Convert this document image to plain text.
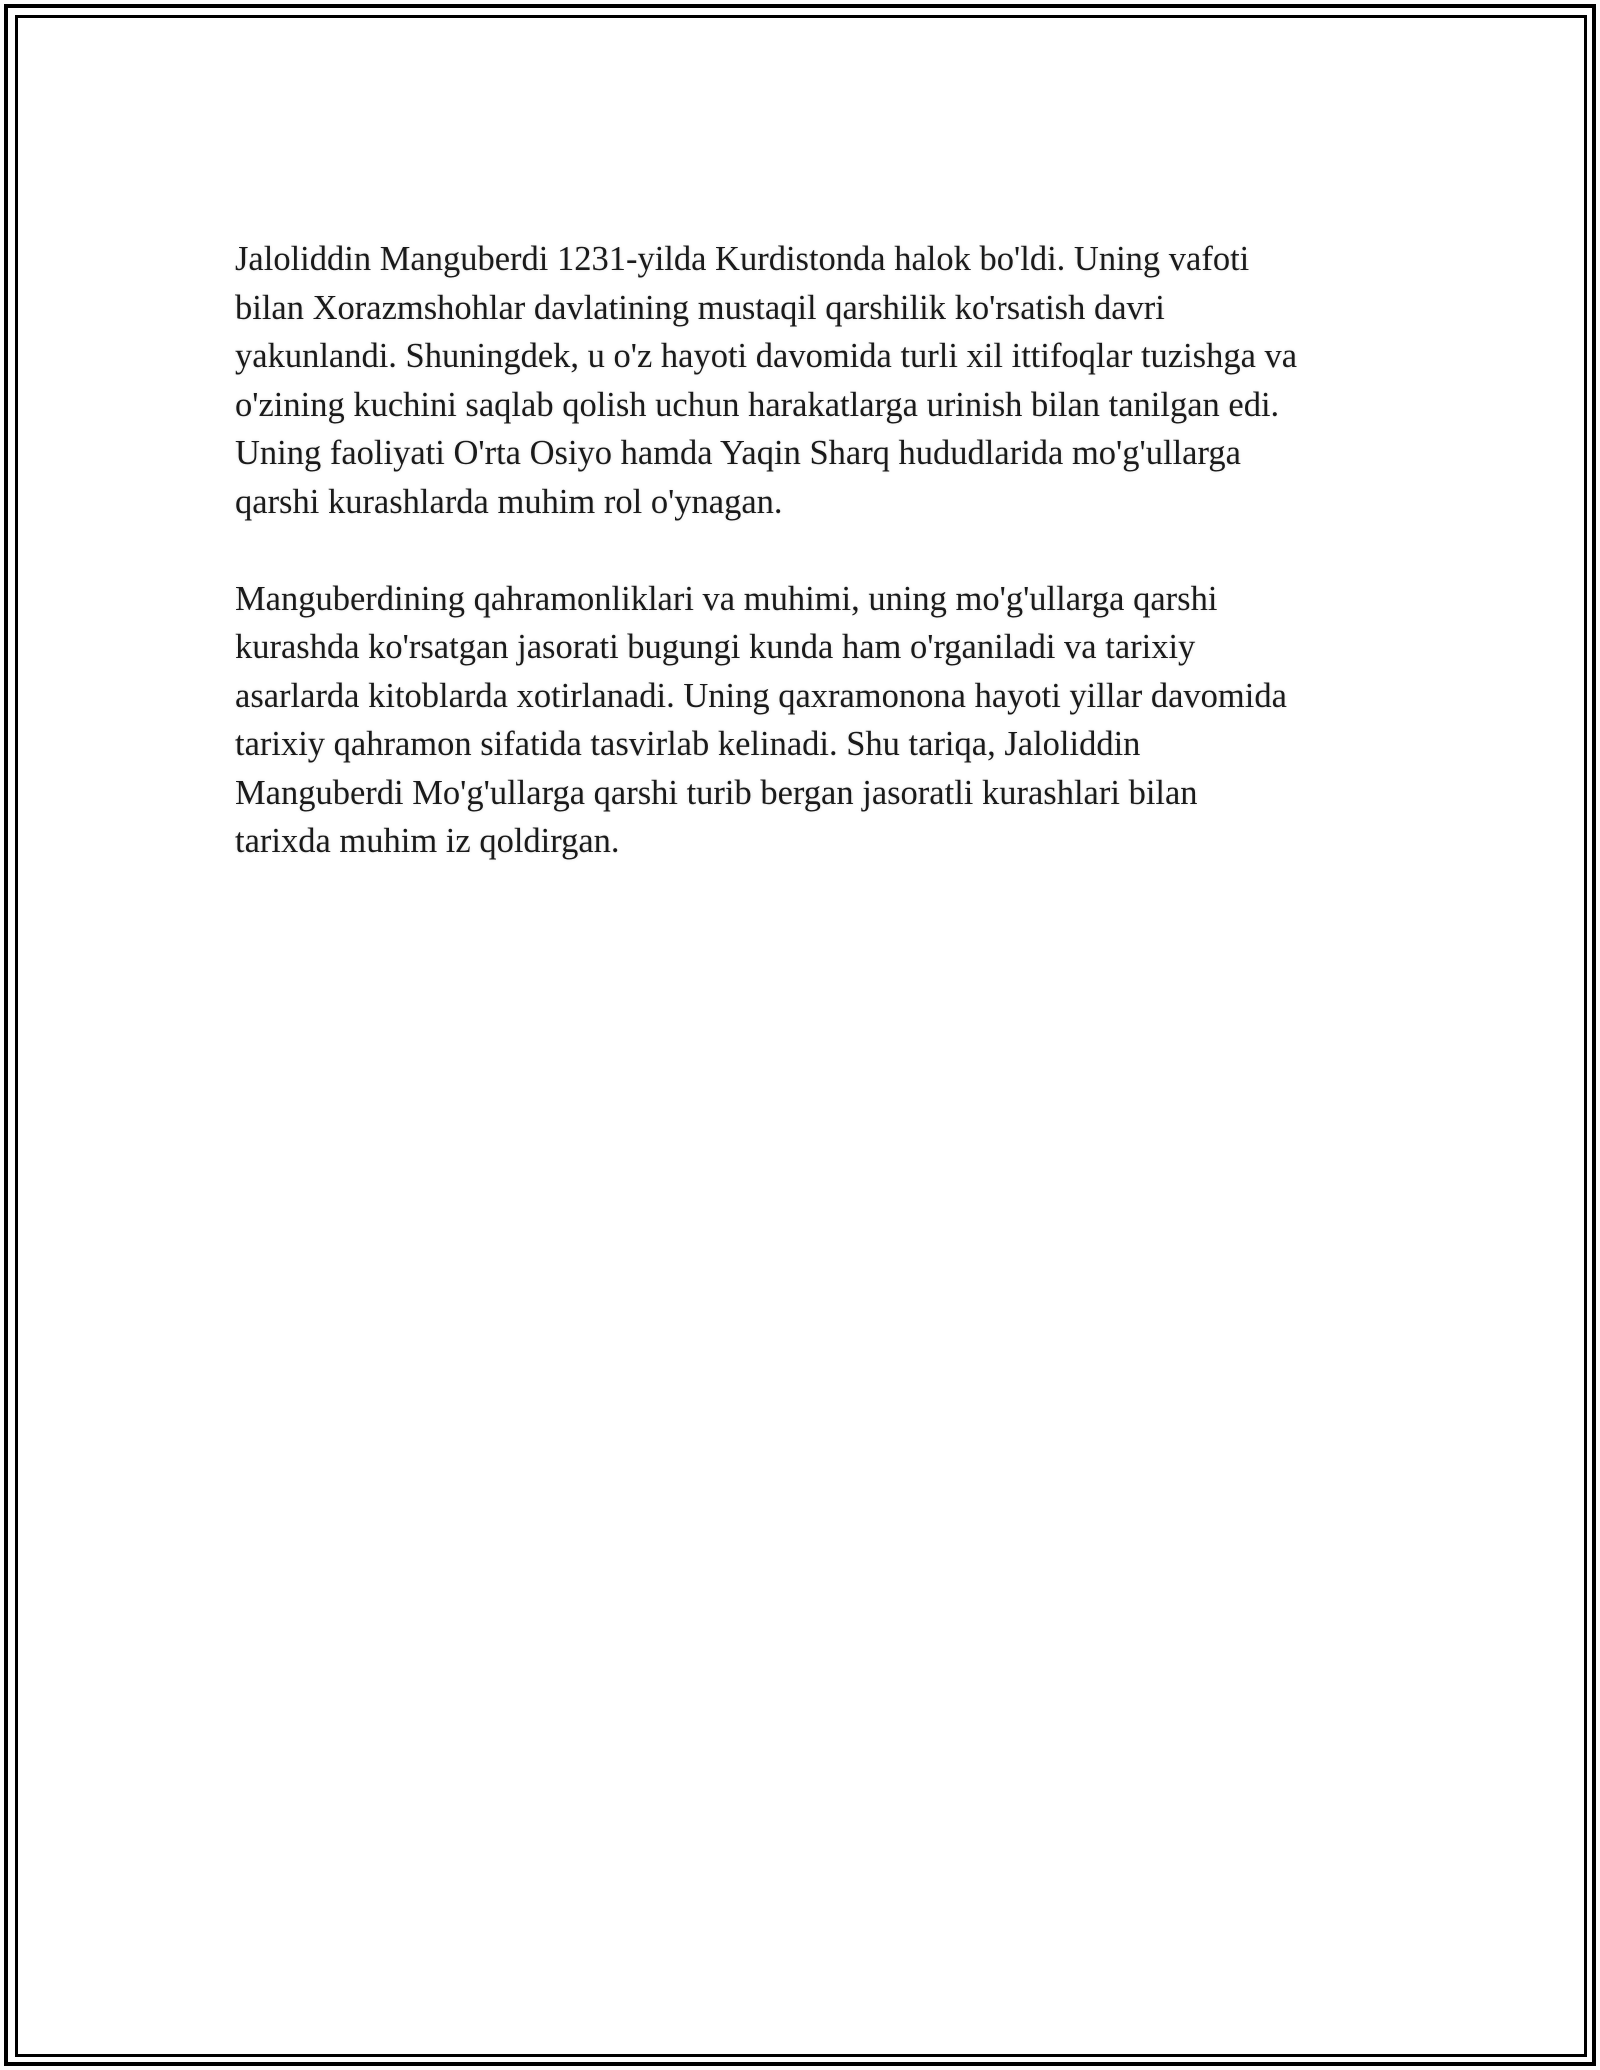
Jaloliddin Manguberdi 1231-yilda Kurdistonda halok bo'ldi. Uning vafoti
bilan Xorazmshohlar davlatining mustaqil qarshilik ko'rsatish davri
yakunlandi. Shuningdek, u o'z hayoti davomida turli xil ittifoqlar tuzishga va
o'zining kuchini saqlab qolish uchun harakatlarga urinish bilan tanilgan edi.
Uning faoliyati O'rta Osiyo hamda Yaqin Sharq hududlarida mo'g'ullarga
qarshi kurashlarda muhim rol o'ynagan.

Manguberdining qahramonliklari va muhimi, uning mo'g'ullarga qarshi
kurashda ko'rsatgan jasorati bugungi kunda ham o'rganiladi va tarixiy
asarlarda kitoblarda xotirlanadi. Uning qaxramonona hayoti yillar davomida
tarixiy qahramon sifatida tasvirlab kelinadi. Shu tariqa, Jaloliddin
Manguberdi Mo'g'ullarga qarshi turib bergan jasoratli kurashlari bilan
tarixda muhim iz qoldirgan.
